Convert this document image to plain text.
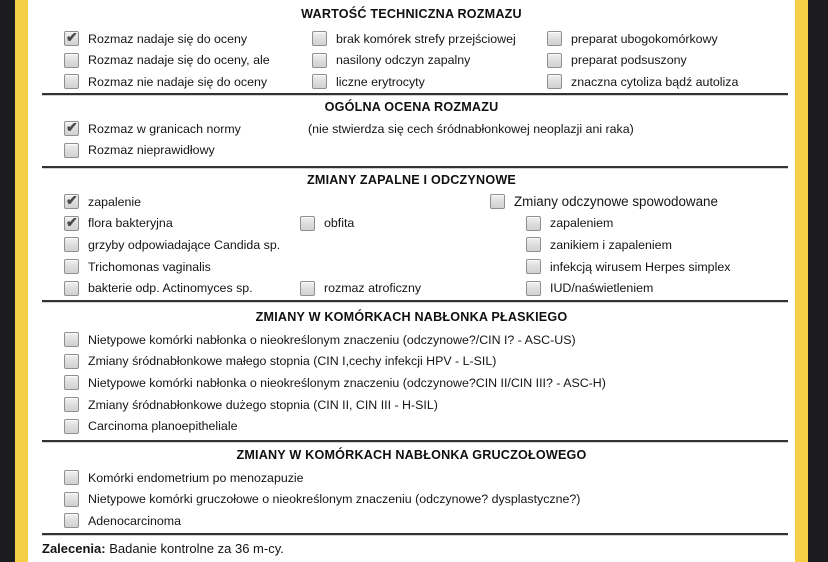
WARTOŚĆ TECHNICZNA ROZMAZU
✔
Rozmaz nadaje się do oceny
Rozmaz nadaje się do oceny, ale
Rozmaz nie nadaje się do oceny
brak komórek strefy przejściowej
nasilony odczyn zapalny
liczne erytrocyty
preparat ubogokomórkowy
preparat podsuszony
znaczna cytoliza bądź autoliza
OGÓLNA OCENA ROZMAZU
✔
Rozmaz w granicach normy
Rozmaz nieprawidłowy
(nie stwierdza się cech śródnabłonkowej neoplazji ani raka)
ZMIANY ZAPALNE I ODCZYNOWE
✔
zapalenie
✔
flora bakteryjna
grzyby odpowiadające Candida sp.
Trichomonas vaginalis
bakterie odp. Actinomyces sp.
obfita
rozmaz atroficzny
Zmiany odczynowe spowodowane
zapaleniem
zanikiem i zapaleniem
infekcją wirusem Herpes simplex
IUD/naświetleniem
ZMIANY W KOMÓRKACH NABŁONKA PŁASKIEGO
Nietypowe komórki nabłonka o nieokreślonym znaczeniu (odczynowe?/CIN I? - ASC-US)
Zmiany śródnabłonkowe małego stopnia (CIN I,cechy infekcji HPV - L-SIL)
Nietypowe komórki nabłonka o nieokreślonym znaczeniu (odczynowe?CIN II/CIN III? - ASC-H)
Zmiany śródnabłonkowe dużego stopnia (CIN II, CIN III - H-SIL)
Carcinoma planoepitheliale
ZMIANY W KOMÓRKACH NABŁONKA GRUCZOŁOWEGO
Komórki endometrium po menozapuzie
Nietypowe komórki gruczołowe o nieokreślonym znaczeniu (odczynowe? dysplastyczne?)
Adenocarcinoma
Zalecenia: Badanie kontrolne za 36 m-cy.
